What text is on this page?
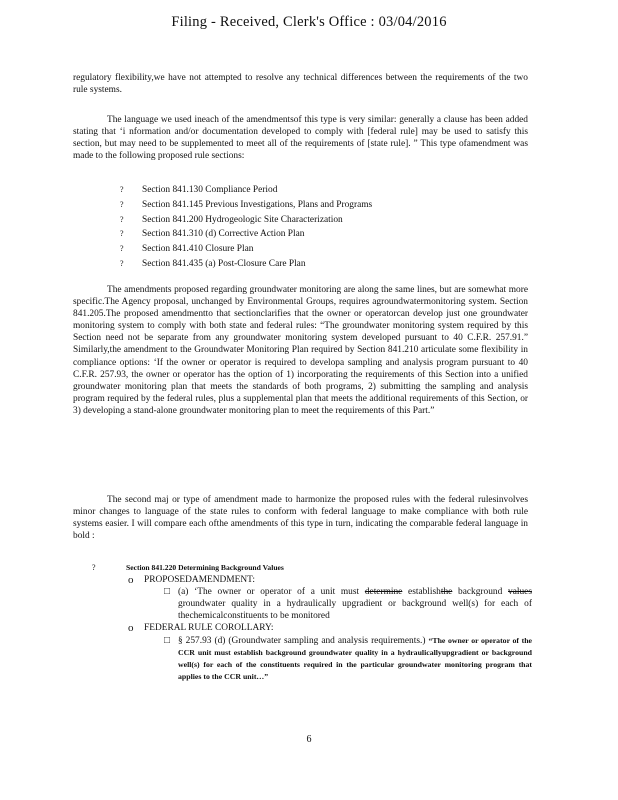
Filing - Received, Clerk's Office : 03/04/2016

regulatory flexibility,we have not attempted to resolve any technical differences between the requirements of the two rule systems.

The language we used ineach of the amendmentsof this type is very similar: generally a clause has been added stating that ‘i nformation and/or documentation developed to comply with [federal rule] may be used to satisfy this section, but may need to be supplemented to meet all of the requirements of [state rule]. ” This type ofamendment was made to the following proposed rule sections:

? Section 841.130 Compliance Period
? Section 841.145 Previous Investigations, Plans and Programs
? Section 841.200 Hydrogeologic Site Characterization
? Section 841.310 (d) Corrective Action Plan
? Section 841.410 Closure Plan
? Section 841.435 (a) Post-Closure Care Plan

The amendments proposed regarding groundwater monitoring are along the same lines, but are somewhat more specific.The Agency proposal, unchanged by Environmental Groups, requires agroundwatermonitoring system. Section 841.205.The proposed amendmentto that sectionclarifies that the owner or operatorcan develop just one groundwater monitoring system to comply with both state and federal rules: “The groundwater monitoring system required by this Section need not be separate from any groundwater monitoring system developed pursuant to 40 C.F.R. 257.91.” Similarly,the amendment to the Groundwater Monitoring Plan required by Section 841.210 articulate some flexibility in compliance options: ‘If the owner or operator is required to developa sampling and analysis program pursuant to 40 C.F.R. 257.93, the owner or operator has the option of 1) incorporating the requirements of this Section into a unified groundwater monitoring plan that meets the standards of both programs, 2) submitting the sampling and analysis program required by the federal rules, plus a supplemental plan that meets the additional requirements of this Section, or 3) developing a stand-alone groundwater monitoring plan to meet the requirements of this Part.”

The second maj or type of amendment made to harmonize the proposed rules with the federal rulesinvolves minor changes to language of the state rules to conform with federal language to make compliance with both rule systems easier. I will compare each ofthe amendments of this type in turn, indicating the comparable federal language in bold :

?	Section 841.220 Determining Background Values
o PROPOSEDAMENDMENT:
□ (a) ‘The owner or operator of a unit must determine establishthe background values groundwater quality in a hydraulically upgradient or background well(s) for each of thechemicalconstituents to be monitored
o FEDERAL RULE COROLLARY:
□ § 257.93 (d) (Groundwater sampling and analysis requirements.) “The owner or operator of the CCR unit must establish background groundwater quality in a hydraulicallyupgradient or background well(s) for each of the constituents required in the particular groundwater monitoring program that applies to the CCR unit…”
6
